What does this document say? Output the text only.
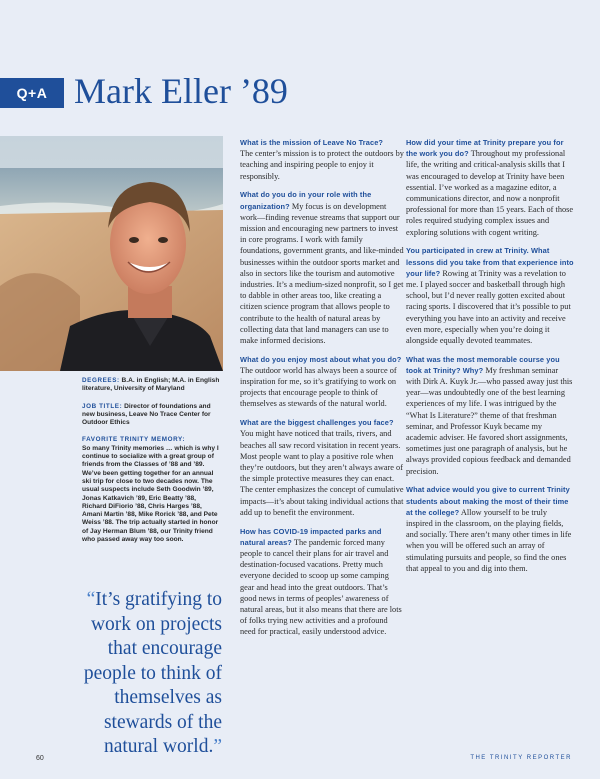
Q+A Mark Eller ’89

DEGREES: B.A. in English; M.A. in English literature, University of Maryland

JOB TITLE: Director of foundations and new business, Leave No Trace Center for Outdoor Ethics

FAVORITE TRINITY MEMORY:
So many Trinity memories … which is why I continue to socialize with a great group of friends from the Classes of ’88 and ’89. We’ve been getting together for an annual ski trip for close to two decades now. The usual suspects include Seth Goodwin ’89, Jonas Katkavich ’89, Eric Beatty ’88, Richard DiFiorio ’88, Chris Harges ’88, Amani Martin ’88, Mike Rorick ’88, and Pete Weiss ’88. The trip actually started in honor of Jay Herman Blum ’88, our Trinity friend who passed away way too soon.

“It’s gratifying to work on projects that encourage people to think of themselves as stewards of the natural world.”

What is the mission of Leave No Trace?
The center’s mission is to protect the outdoors by teaching and inspiring people to enjoy it responsibly.

What do you do in your role with the organization? My focus is on development work—finding revenue streams that support our mission and encouraging new partners to invest in core programs. I work with family foundations, government grants, and like-minded businesses within the outdoor sports market and also in sectors like the tourism and automotive industries. It’s a medium-sized nonprofit, so I get to dabble in other areas too, like creating a citizen science program that allows people to contribute to the health of natural areas by collecting data that land managers can use to make informed decisions.

What do you enjoy most about what you do? The outdoor world has always been a source of inspiration for me, so it’s gratifying to work on projects that encourage people to think of themselves as stewards of the natural world.

What are the biggest challenges you face? You might have noticed that trails, rivers, and beaches all saw record visitation in recent years. Most people want to play a positive role when they’re outdoors, but they aren’t always aware of the simple protective measures they can enact. The center emphasizes the concept of cumulative impacts—it’s about taking individual actions that add up to benefit the environment.

How has COVID-19 impacted parks and natural areas? The pandemic forced many people to cancel their plans for air travel and destination-focused vacations. Pretty much everyone decided to scoop up some camping gear and head into the great outdoors. That’s good news in terms of peoples’ awareness of natural areas, but it also means that there are lots of folks trying new activities and a profound need for practical, easily understood advice.

How did your time at Trinity prepare you for the work you do? Throughout my professional life, the writing and critical-analysis skills that I was encouraged to develop at Trinity have been essential. I’ve worked as a magazine editor, a communications director, and now a nonprofit professional for more than 15 years. Each of those roles required studying complex issues and exploring solutions with cogent writing.

You participated in crew at Trinity. What lessons did you take from that experience into your life? Rowing at Trinity was a revelation to me. I played soccer and basketball through high school, but I’d never really gotten excited about racing sports. I discovered that it’s possible to put everything you have into an activity and receive even more, especially when you’re doing it alongside equally devoted teammates.

What was the most memorable course you took at Trinity? Why? My freshman seminar with Dirk A. Kuyk Jr.—who passed away just this year—was undoubtedly one of the best learning experiences of my life. I was intrigued by the “What Is Literature?” theme of that freshman seminar, and Professor Kuyk became my academic adviser. He favored short assignments, sometimes just one paragraph of analysis, but he always provided copious feedback and demanded precision.

What advice would you give to current Trinity students about making the most of their time at the college? Allow yourself to be truly inspired in the classroom, on the playing fields, and socially. There aren’t many other times in life when you will be offered such an array of stimulating pursuits and people, so find the ones that appeal to you and dig into them.

60	THE TRINITY REPORTER
